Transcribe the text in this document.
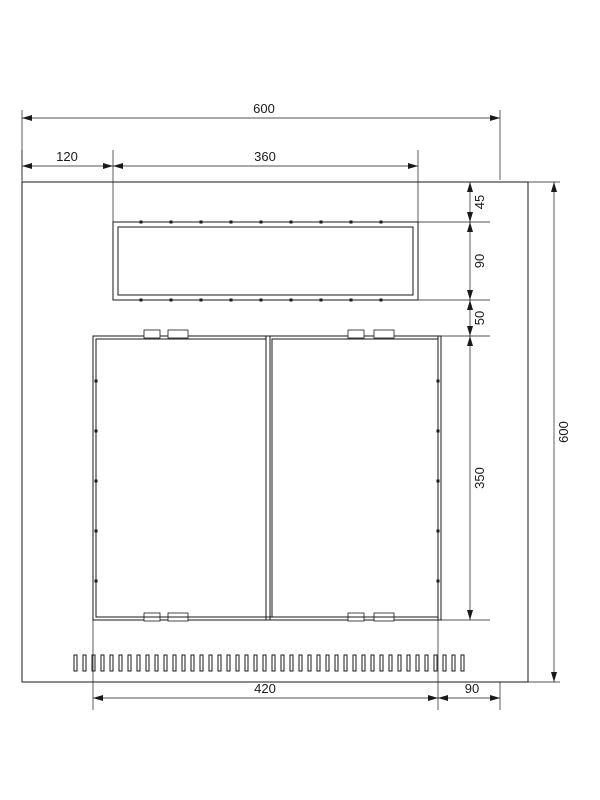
600
120	360
45
90
50
350
600
420	90
